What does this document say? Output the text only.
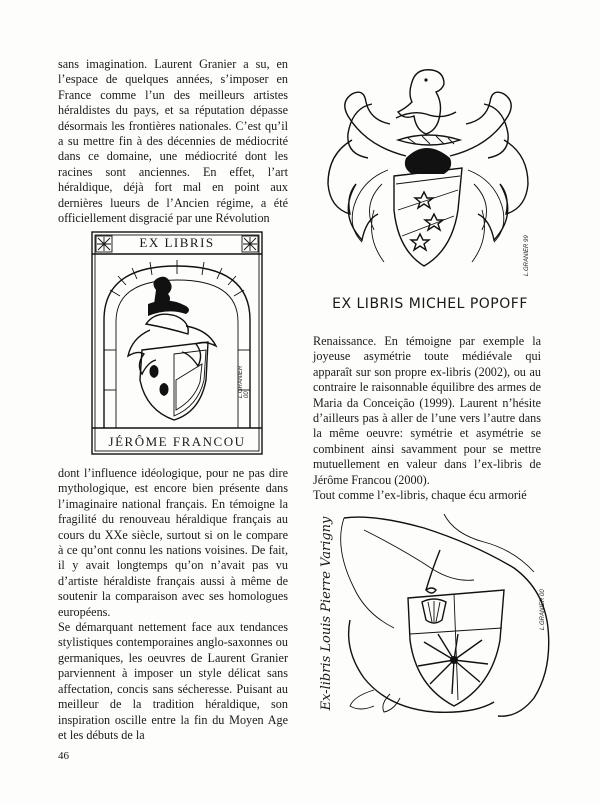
sans imagination. Laurent Granier a su, en l’espace de quelques années, s’imposer en France comme l’un des meilleurs artistes héraldistes du pays, et sa réputation dépasse désormais les frontières nationales. C’est qu’il a su mettre fin à des décennies de médiocrité dans ce domaine, une médiocrité dont les racines sont anciennes. En effet, l’art héraldique, déjà fort mal en point aux dernières lueurs de l’Ancien régime, a été officiellement disgracié par une Révolution

EX LIBRIS
JÉRÔME FRANCOU
L.GRANIER 00

dont l’influence idéologique, pour ne pas dire mythologique, est encore bien présente dans l’imaginaire national français. En témoigne la fragilité du renouveau héraldique français au cours du XXe siècle, surtout si on le compare à ce qu’ont connu les nations voisines. De fait, il y avait longtemps qu’on n’avait pas vu d’artiste héraldiste français aussi à même de soutenir la comparaison avec ses homologues européens.

Se démarquant nettement face aux tendances stylistiques contemporaines anglo-saxonnes ou germaniques, les oeuvres de Laurent Granier parviennent à imposer un style délicat sans affectation, concis sans sécheresse. Puisant au meilleur de la tradition héraldique, son inspiration oscille entre la fin du Moyen Age et les débuts de la

L.GRANIER 99
EX LIBRIS MICHEL POPOFF

Renaissance. En témoigne par exemple la joyeuse asymétrie toute médiévale qui apparaît sur son propre ex-libris (2002), ou au contraire le raisonnable équilibre des armes de Maria da Conceição (1999). Laurent n’hésite d’ailleurs pas à aller de l’une vers l’autre dans la même oeuvre: symétrie et asymétrie se combinent ainsi savamment pour se mettre mutuellement en valeur dans l’ex-libris de Jérôme Francou (2000).

Tout comme l’ex-libris, chaque écu armorié

Ex-libris Louis Pierre Varigny	L.GRANIER 00
46
